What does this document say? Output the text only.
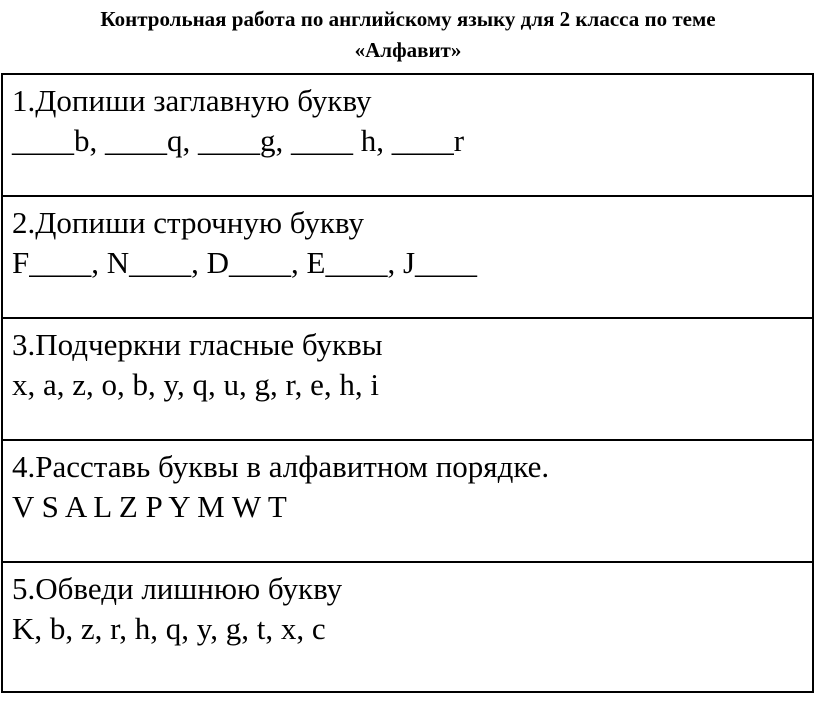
Контрольная работа по английскому языку для 2 класса по теме
«Алфавит»
1.Допиши заглавную букву
____b, ____q, ____g, ____ h, ____r
2.Допиши строчную букву
F____, N____, D____, E____, J____
3.Подчеркни гласные буквы
x, a, z, o, b, y, q, u, g, r, e, h, i
4.Расставь буквы в алфавитном порядке.
V S A L Z P Y M W T
5.Обведи лишнюю букву
K, b, z, r, h, q, y, g, t, x, c
